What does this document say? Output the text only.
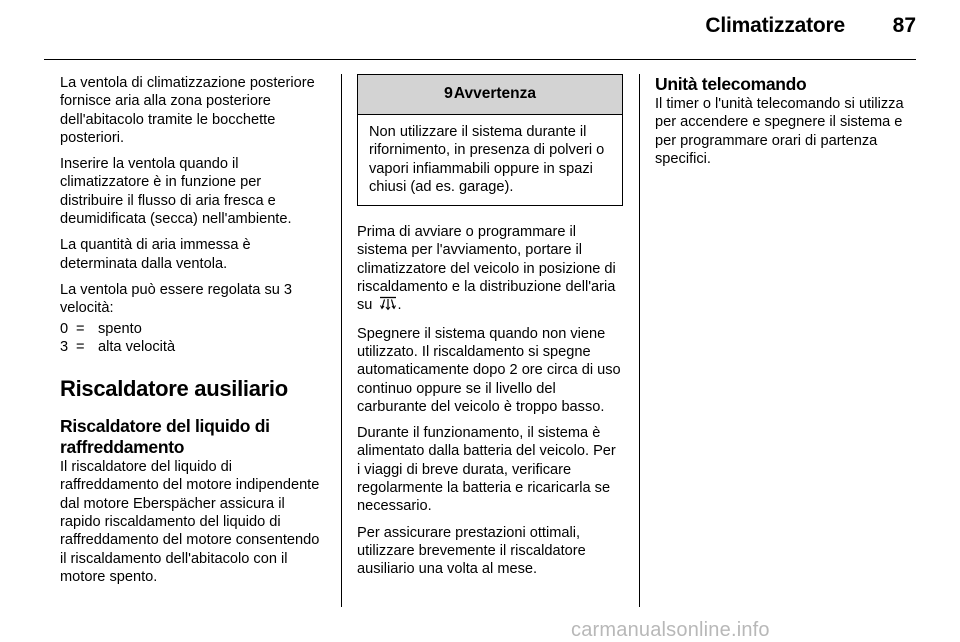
Climatizzatore 87

La ventola di climatizzazione posteriore fornisce aria alla zona posteriore dell'abitacolo tramite le bocchette posteriori.

Inserire la ventola quando il climatizzatore è in funzione per distribuire il flusso di aria fresca e deumidificata (secca) nell'ambiente.

La quantità di aria immessa è determinata dalla ventola.

La ventola può essere regolata su 3 velocità:

0 = spento
3 = alta velocità
Riscaldatore ausiliario
Riscaldatore del liquido di raffreddamento

Il riscaldatore del liquido di raffreddamento del motore indipendente dal motore Eberspächer assicura il rapido riscaldamento del liquido di raffreddamento del motore consentendo il riscaldamento dell'abitacolo con il motore spento.

9 Avvertenza
Non utilizzare il sistema durante il rifornimento, in presenza di polveri o vapori infiammabili oppure in spazi chiusi (ad es. garage).

Prima di avviare o programmare il sistema per l'avviamento, portare il climatizzatore del veicolo in posizione di riscaldamento e la distribuzione dell'aria su .

Spegnere il sistema quando non viene utilizzato. Il riscaldamento si spegne automaticamente dopo 2 ore circa di uso continuo oppure se il livello del carburante del veicolo è troppo basso.

Durante il funzionamento, il sistema è alimentato dalla batteria del veicolo. Per i viaggi di breve durata, verificare regolarmente la batteria e ricaricarla se necessario.

Per assicurare prestazioni ottimali, utilizzare brevemente il riscaldatore ausiliario una volta al mese.

Unità telecomando

Il timer o l'unità telecomando si utilizza per accendere e spegnere il sistema e per programmare orari di partenza specifici.

carmanualsonline.info
